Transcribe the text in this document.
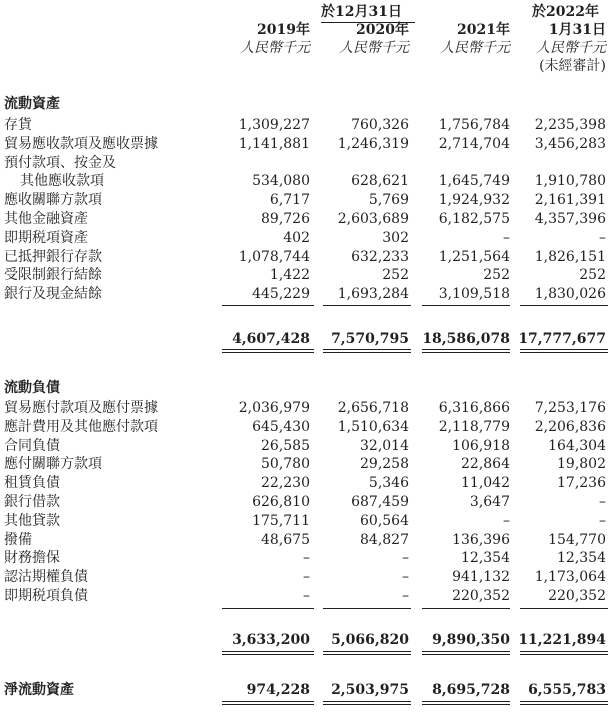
於12月31日	於2022年
2019年	2020年	2021年	1月31日
人民幣千元 人民幣千元 人民幣千元 人民幣千元
(未經審計)
流動資產
存貨	1,309,227	760,326 1,756,784 2,235,398
貿易應收款項及應收票據	1,141,881 1,246,319 2,714,704 3,456,283
預付款項、按金及
其他應收款項	534,080	628,621 1,645,749 1,910,780
應收關聯方款項	6,717	5,769 1,924,932 2,161,391
其他金融資產	89,726 2,603,689 6,182,575 4,357,396
即期税項資產	402	302	–	–
已抵押銀行存款	1,078,744	632,233 1,251,564 1,826,151
受限制銀行結餘	1,422	252	252	252
銀行及現金結餘	445,229 1,693,284 3,109,518 1,830,026
4,607,428 7,570,795 18,586,078 17,777,677
流動負債
貿易應付款項及應付票據	2,036,979 2,656,718 6,316,866 7,253,176
應計費用及其他應付款項	645,430 1,510,634 2,118,779 2,206,836
合同負債	26,585	32,014	106,918	164,304
應付關聯方款項	50,780	29,258	22,864	19,802
租賃負債	22,230	5,346	11,042	17,236
銀行借款	626,810	687,459	3,647	–
其他貸款	175,711	60,564	–	–
撥備	48,675	84,827	136,396	154,770
財務擔保	–	–	12,354	12,354
認沽期權負債	–	–	941,132 1,173,064
即期税項負債	–	–	220,352	220,352
3,633,200 5,066,820 9,890,350 11,221,894
淨流動資產	974,228 2,503,975 8,695,728 6,555,783
